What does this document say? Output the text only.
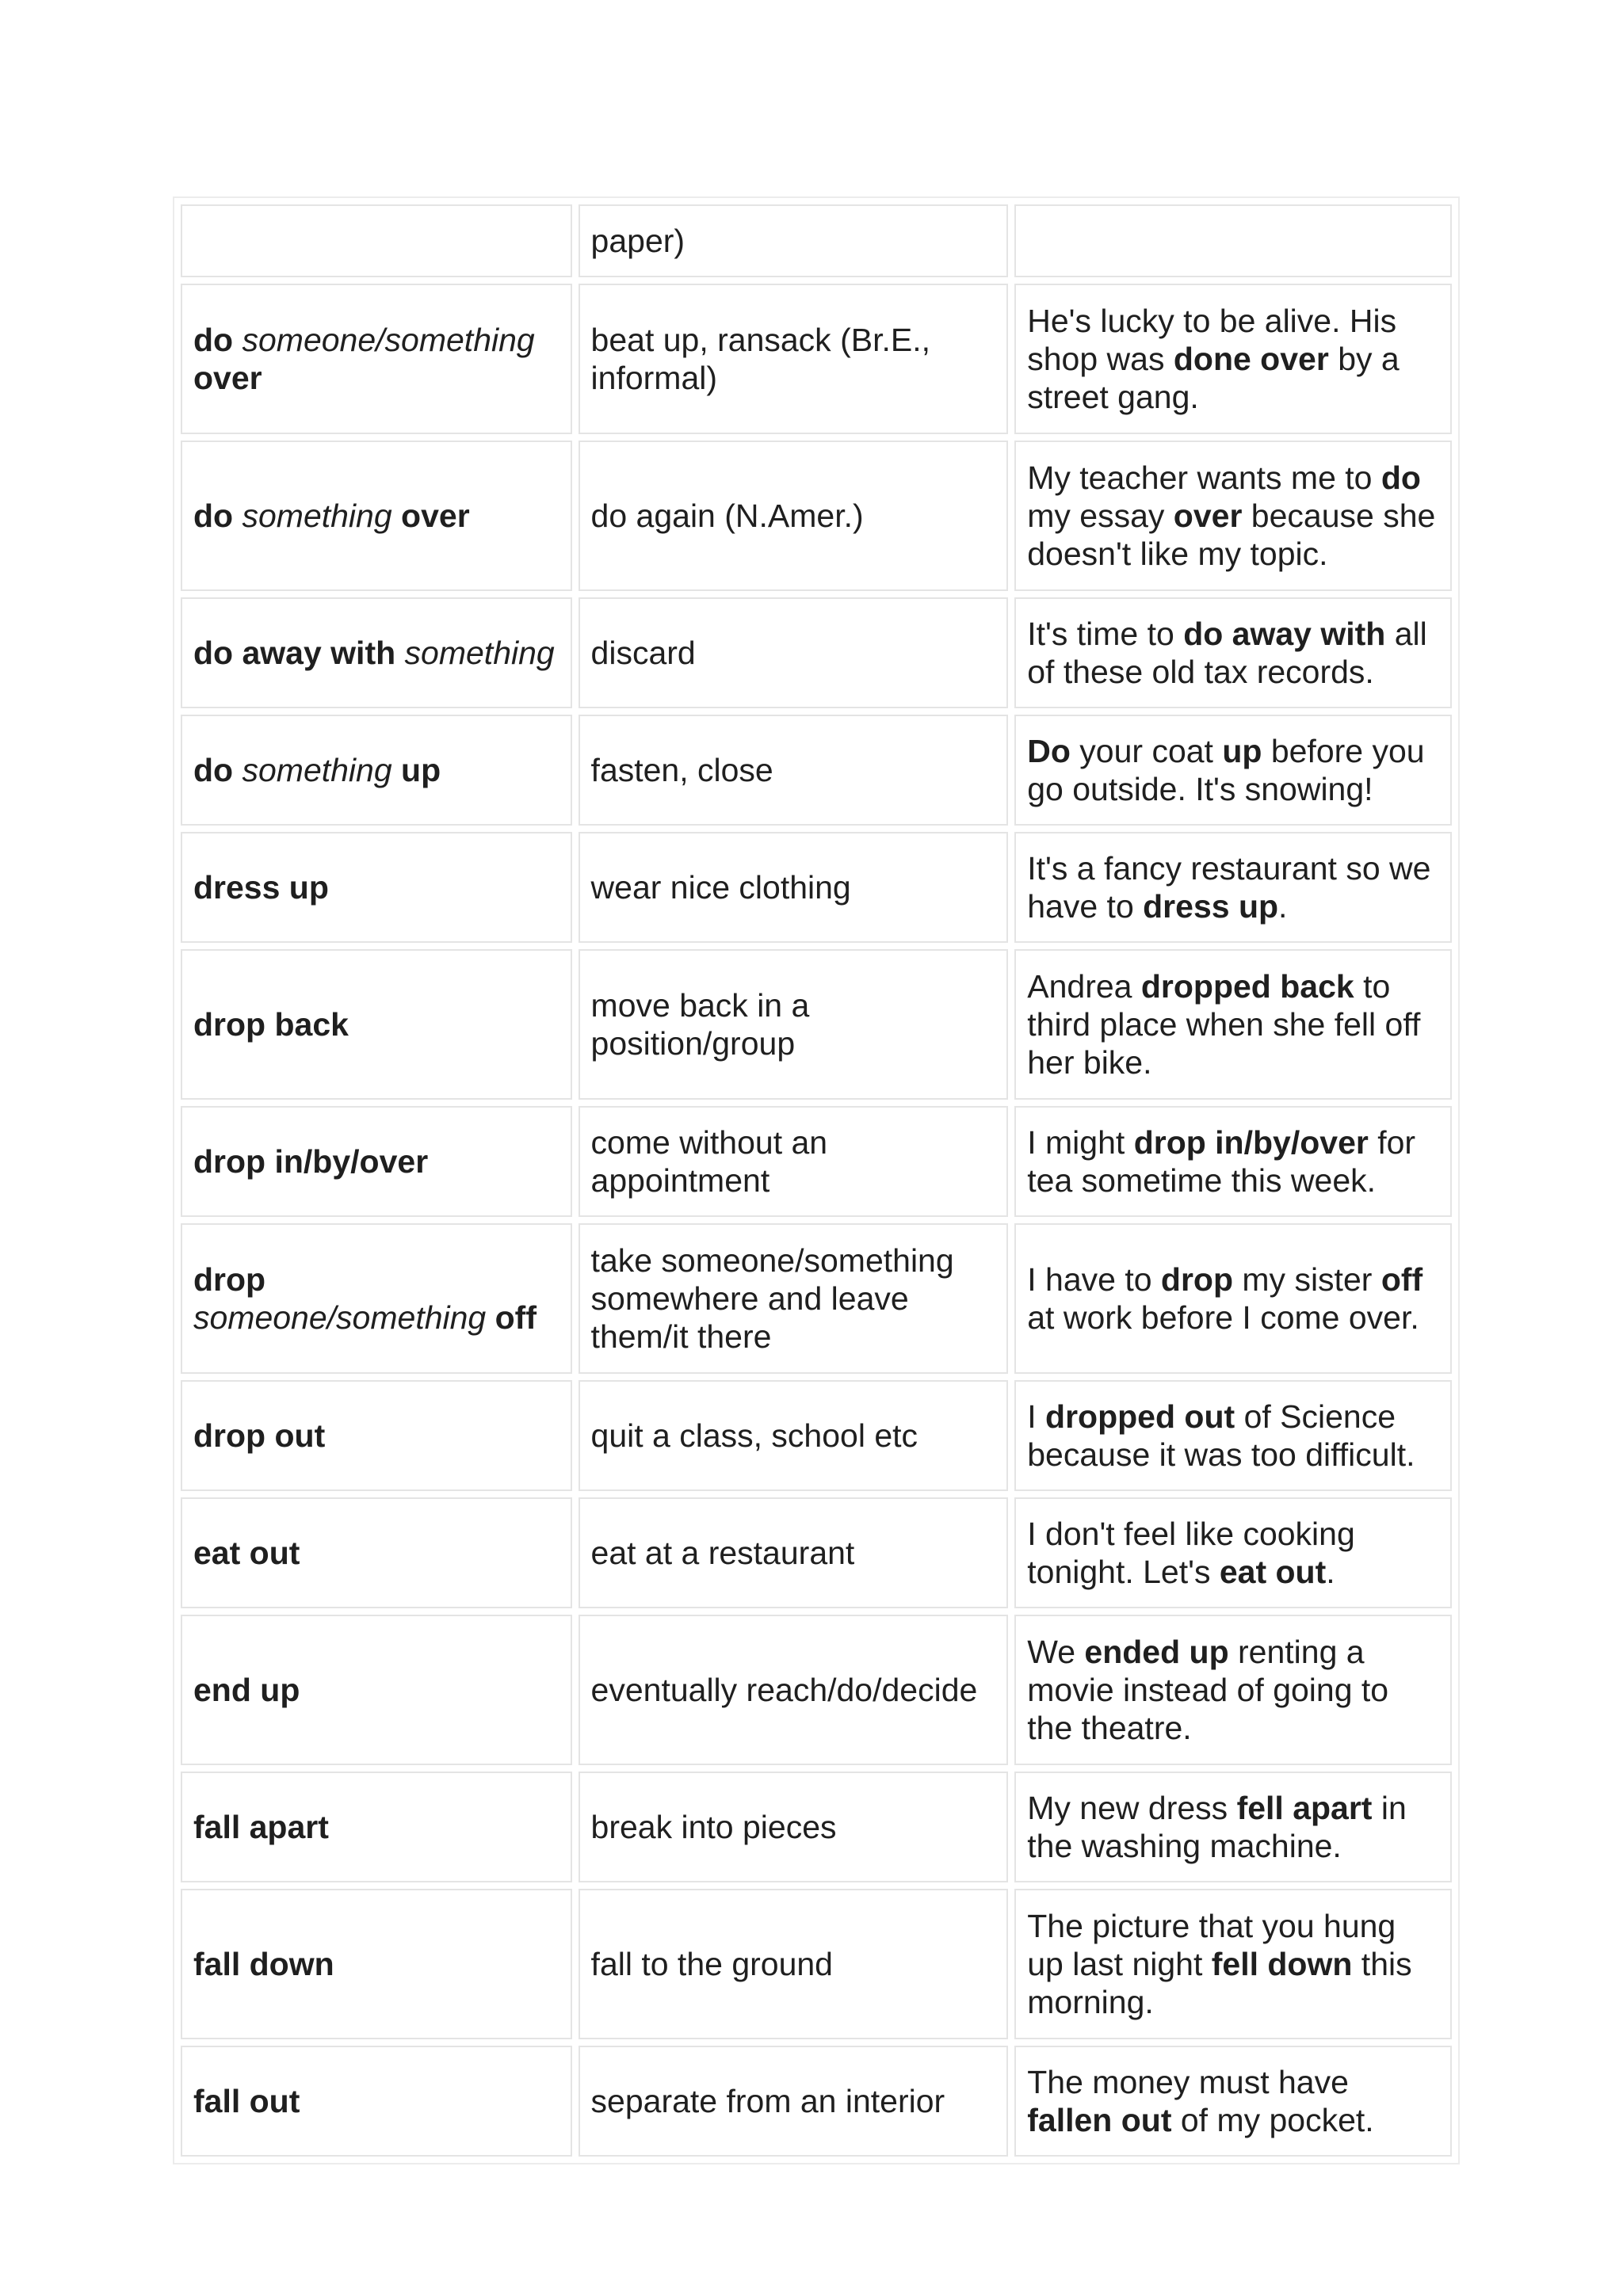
	paper)	
do someone/something over	beat up, ransack (Br.E., informal)	He's lucky to be alive. His shop was done over by a street gang.
do something over	do again (N.Amer.)	My teacher wants me to do my essay over because she doesn't like my topic.
do away with something	discard	It's time to do away with all of these old tax records.
do something up	fasten, close	Do your coat up before you go outside. It's snowing!
dress up	wear nice clothing	It's a fancy restaurant so we have to dress up.
drop back	move back in a position/group	Andrea dropped back to third place when she fell off her bike.
drop in/by/over	come without an appointment	I might drop in/by/over for tea sometime this week.
drop someone/something off	take someone/something somewhere and leave them/it there	I have to drop my sister off at work before I come over.
drop out	quit a class, school etc	I dropped out of Science because it was too difficult.
eat out	eat at a restaurant	I don't feel like cooking tonight. Let's eat out.
end up	eventually reach/do/decide	We ended up renting a movie instead of going to the theatre.
fall apart	break into pieces	My new dress fell apart in the washing machine.
fall down	fall to the ground	The picture that you hung up last night fell down this morning.
fall out	separate from an interior	The money must have fallen out of my pocket.
